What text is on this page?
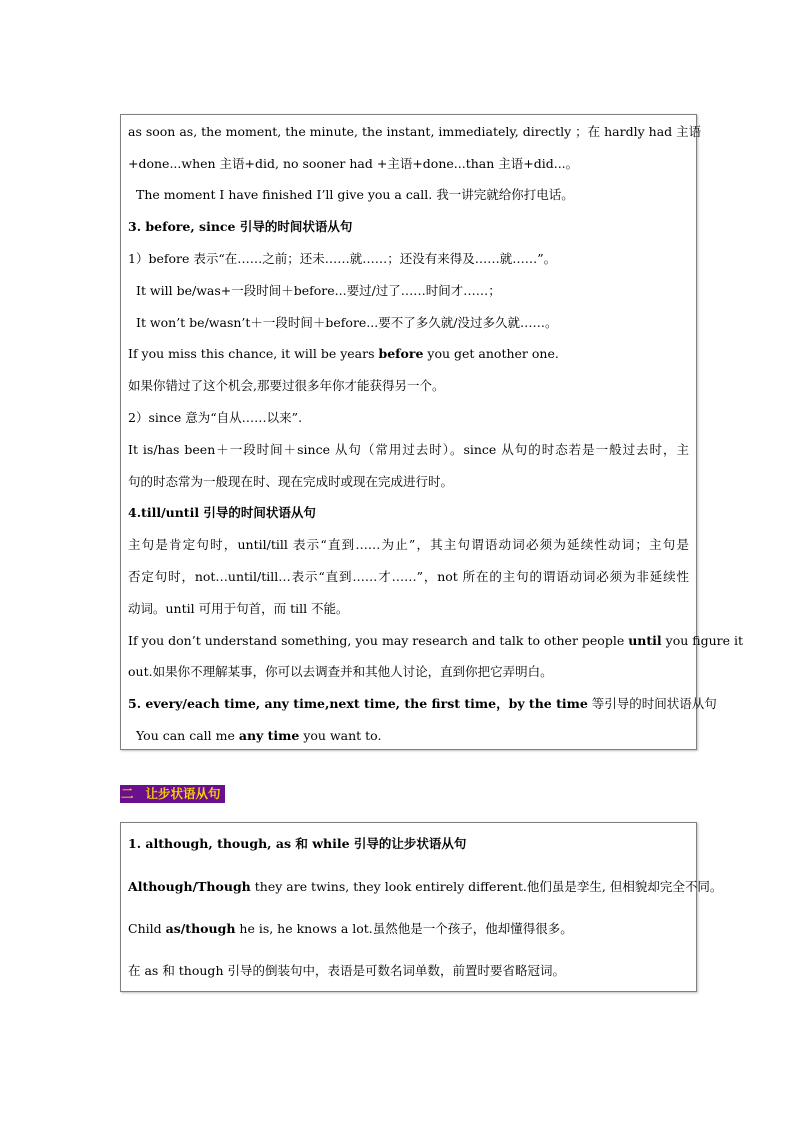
as soon as, the moment, the minute, the instant, immediately, directly ；在 hardly had 主语
+done...when 主语+did, no sooner had +主语+done...than 主语+did...。
The moment I have finished I’ll give you a call. 我一讲完就给你打电话。
3. before, since 引导的时间状语从句
1）before 表示“在……之前；还未……就……；还没有来得及……就……”。
It will be/was+一段时间＋before...要过/过了……时间才……；
It won’t be/wasn’t＋一段时间＋before...要不了多久就/没过多久就……。
If you miss this chance, it will be years before you get another one.
如果你错过了这个机会,那要过很多年你才能获得另一个。
2）since 意为“自从……以来”.
It is/has been＋一段时间＋since 从句（常用过去时）。since 从句的时态若是一般过去时，主
句的时态常为一般现在时、现在完成时或现在完成进行时。
4.till/until 引导的时间状语从句
主句是肯定句时，until/till 表示“直到……为止”，其主句谓语动词必须为延续性动词；主句是
否定句时，not…until/till…表示“直到……才……”，not 所在的主句的谓语动词必须为非延续性
动词。until 可用于句首，而 till 不能。
If you don’t understand something, you may research and talk to other people until you figure it
out.如果你不理解某事，你可以去调查并和其他人讨论，直到你把它弄明白。
5. every/each time, any time,next time, the first time，by the time 等引导的时间状语从句
You can call me any time you want to.
二 让步状语从句
1. although, though, as 和 while 引导的让步状语从句
Although/Though they are twins, they look entirely different.他们虽是孪生, 但相貌却完全不同。
Child as/though he is, he knows a lot.虽然他是一个孩子，他却懂得很多。
在 as 和 though 引导的倒装句中，表语是可数名词单数，前置时要省略冠词。
